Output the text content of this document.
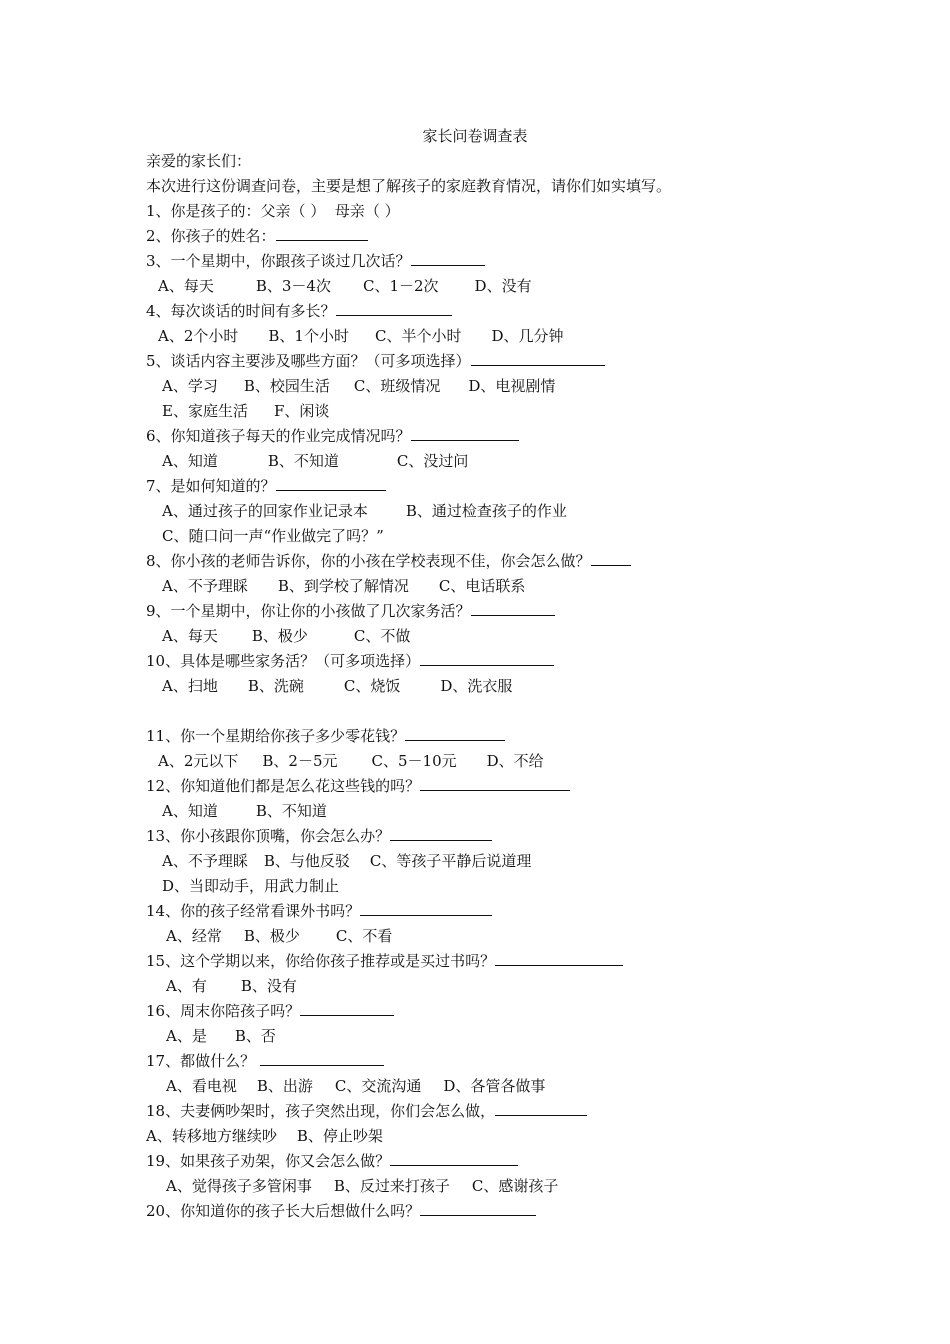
家长问卷调查表
亲爱的家长们：
本次进行这份调查问卷，主要是想了解孩子的家庭教育情况，请你们如实填写。
1、你是孩子的：父亲（ ）  母亲（ ）
2、你孩子的姓名：
3、一个星期中，你跟孩子谈过几次话？
A、每天	B、3－4次 C、1－2次 D、没有
4、每次谈话的时间有多长？
A、2个小时 B、1个小时 C、半个小时 D、几分钟
5、谈话内容主要涉及哪些方面？（可多项选择）
A、学习 B、校园生活 C、班级情况 D、电视剧情
E、家庭生活 F、闲谈
6、你知道孩子每天的作业完成情况吗？
A、知道	B、不知道	C、没过问
7、是如何知道的？
A、通过孩子的回家作业记录本	B、通过检查孩子的作业
C、随口问一声“作业做完了吗？”
8、你小孩的老师告诉你，你的小孩在学校表现不佳，你会怎么做？
A、不予理睬 B、到学校了解情况 C、电话联系
9、一个星期中，你让你的小孩做了几次家务活？
A、每天 B、极少	C、不做
10、具体是哪些家务活？（可多项选择）
A、扫地 B、洗碗	C、烧饭	D、洗衣服
11、你一个星期给你孩子多少零花钱？
A、2元以下 B、2－5元 C、5－10元 D、不给
12、你知道他们都是怎么花这些钱的吗？
A、知道	B、不知道
13、你小孩跟你顶嘴，你会怎么办？
A、不予理睬 B、与他反驳 C、等孩子平静后说道理
D、当即动手，用武力制止
14、你的孩子经常看课外书吗？
A、经常 B、极少 C、不看
15、这个学期以来，你给你孩子推荐或是买过书吗？
A、有 B、没有
16、周末你陪孩子吗？
A、是 B、否
17、都做什么？
A、看电视 B、出游 C、交流沟通 D、各管各做事
18、夫妻俩吵架时，孩子突然出现，你们会怎么做，
A、转移地方继续吵 B、停止吵架
19、如果孩子劝架，你又会怎么做？
A、觉得孩子多管闲事 B、反过来打孩子 C、感谢孩子
20、你知道你的孩子长大后想做什么吗？
